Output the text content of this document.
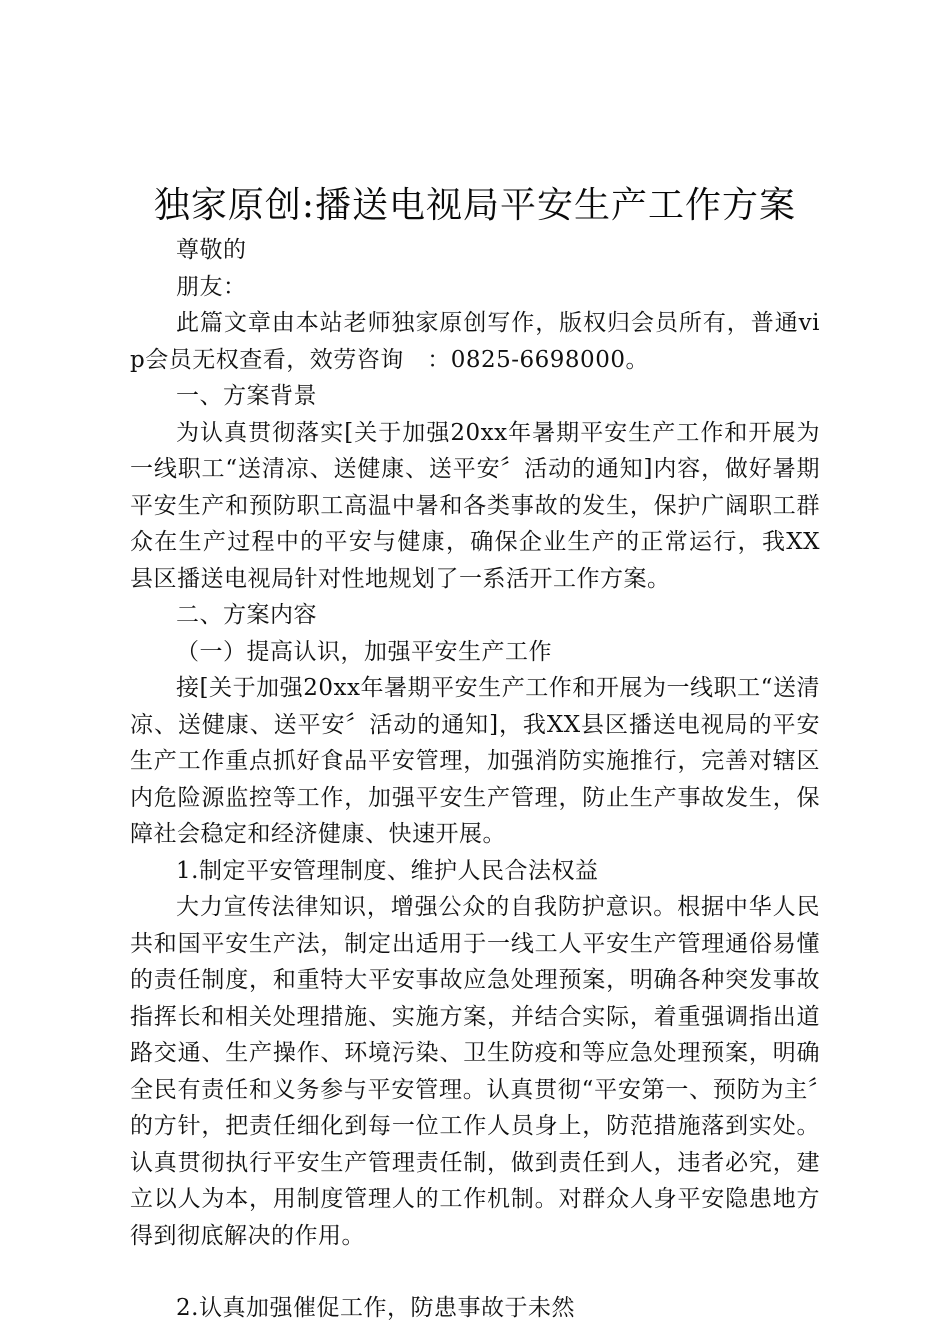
独家原创:播送电视局平安生产工作方案

尊敬的

朋友：

此篇文章由本站老师独家原创写作，版权归会员所有，普通vip会员无权查看，效劳咨询　：0825-6698000。

一、方案背景

为认真贯彻落实[关于加强20xx年暑期平安生产工作和开展为一线职工“送清凉、送健康、送平安〞活动的通知]内容，做好暑期平安生产和预防职工高温中暑和各类事故的发生，保护广阔职工群众在生产过程中的平安与健康，确保企业生产的正常运行，我XX县区播送电视局针对性地规划了一系活开工作方案。

二、方案内容

（一）提高认识，加强平安生产工作

接[关于加强20xx年暑期平安生产工作和开展为一线职工“送清凉、送健康、送平安〞活动的通知]，我XX县区播送电视局的平安生产工作重点抓好食品平安管理，加强消防实施推行，完善对辖区内危险源监控等工作，加强平安生产管理，防止生产事故发生，保障社会稳定和经济健康、快速开展。

1.制定平安管理制度、维护人民合法权益

大力宣传法律知识，增强公众的自我防护意识。根据中华人民共和国平安生产法，制定出适用于一线工人平安生产管理通俗易懂的责任制度，和重特大平安事故应急处理预案，明确各种突发事故指挥长和相关处理措施、实施方案，并结合实际，着重强调指出道路交通、生产操作、环境污染、卫生防疫和等应急处理预案，明确全民有责任和义务参与平安管理。认真贯彻“平安第一、预防为主〞的方针，把责任细化到每一位工作人员身上，防范措施落到实处。认真贯彻执行平安生产管理责任制，做到责任到人，违者必究，建立以人为本，用制度管理人的工作机制。对群众人身平安隐患地方得到彻底解决的作用。

2.认真加强催促工作，防患事故于未然
